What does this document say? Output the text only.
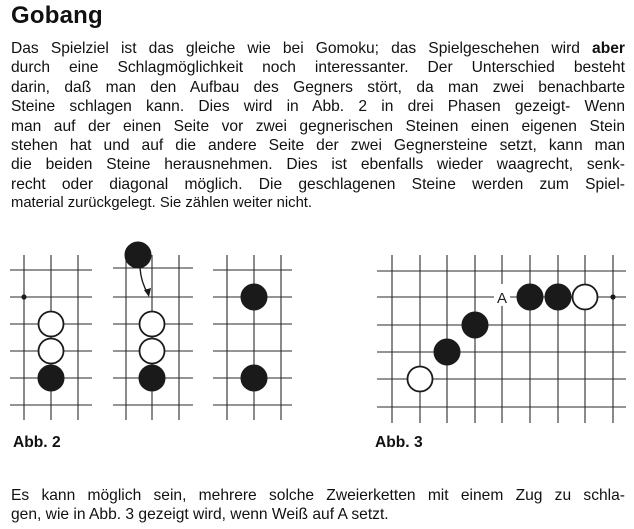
Gobang
Das Spielziel ist das gleiche wie bei Gomoku; das Spielgeschehen wird aber
durch eine Schlagmöglichkeit noch interessanter. Der Unterschied besteht
darin, daß man den Aufbau des Gegners stört, da man zwei benachbarte
Steine schlagen kann. Dies wird in Abb. 2 in drei Phasen gezeigt- Wenn
man auf der einen Seite vor zwei gegnerischen Steinen einen eigenen Stein
stehen hat und auf die andere Seite der zwei Gegnersteine setzt, kann man
die beiden Steine herausnehmen. Dies ist ebenfalls wieder waagrecht, senk-
recht oder diagonal möglich. Die geschlagenen Steine werden zum Spiel-
material zurückgelegt. Sie zählen weiter nicht.
A

Abb. 2	Abb. 3

Es kann möglich sein, mehrere solche Zweierketten mit einem Zug zu schla-
gen, wie in Abb. 3 gezeigt wird, wenn Weiß auf A setzt.
